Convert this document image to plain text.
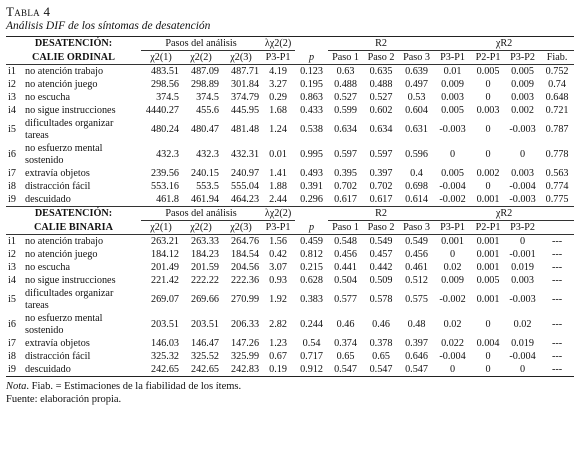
Tabla 4
Análisis DIF de los síntomas de desatención
DESATENCIÓN:		Pasos del análisis			λχ2(2)		R2			χR2			
CALIE ORDINAL		χ2(1)	χ2(2)	χ2(3)	P3-P1	p	Paso 1	Paso 2	Paso 3	P3-P1	P2-P1	P3-P2	Fiab.
i1	no atención trabajo	483.51	487.09	487.71	4.19	0.123	0.63	0.635	0.639	0.01	0.005	0.005	0.752
i2	no atención juego	298.56	298.89	301.84	3.27	0.195	0.488	0.488	0.497	0.009	0	0.009	0.74
i3	no escucha	374.5	374.5	374.79	0.29	0.863	0.527	0.527	0.53	0.003	0	0.003	0.648
i4	no sigue instrucciones	4440.27	455.6	445.95	1.68	0.433	0.599	0.602	0.604	0.005	0.003	0.002	0.721
i5	dificultades organizar tareas	480.24	480.47	481.48	1.24	0.538	0.634	0.634	0.631	-0.003	0	-0.003	0.787
i6	no esfuerzo mental sostenido	432.3	432.3	432.31	0.01	0.995	0.597	0.597	0.596	0	0	0	0.778
i7	extravía objetos	239.56	240.15	240.97	1.41	0.493	0.395	0.397	0.4	0.005	0.002	0.003	0.563
i8	distracción fácil	553.16	553.5	555.04	1.88	0.391	0.702	0.702	0.698	-0.004	0	-0.004	0.774
i9	descuidado	461.8	461.94	464.23	2.44	0.296	0.617	0.617	0.614	-0.002	0.001	-0.003	0.775
DESATENCIÓN:		Pasos del análisis			λχ2(2)		R2			χR2			
CALIE BINARIA		χ2(1)	χ2(2)	χ2(3)	P3-P1	p	Paso 1	Paso 2	Paso 3	P3-P1	P2-P1	P3-P2	
i1	no atención trabajo	263.21	263.33	264.76	1.56	0.459	0.548	0.549	0.549	0.001	0.001	0	---
i2	no atención juego	184.12	184.23	184.54	0.42	0.812	0.456	0.457	0.456	0	0.001	-0.001	---
i3	no escucha	201.49	201.59	204.56	3.07	0.215	0.441	0.442	0.461	0.02	0.001	0.019	---
i4	no sigue instrucciones	221.42	222.22	222.36	0.93	0.628	0.504	0.509	0.512	0.009	0.005	0.003	---
i5	dificultades organizar tareas	269.07	269.66	270.99	1.92	0.383	0.577	0.578	0.575	-0.002	0.001	-0.003	---
i6	no esfuerzo mental sostenido	203.51	203.51	206.33	2.82	0.244	0.46	0.46	0.48	0.02	0	0.02	---
i7	extravía objetos	146.03	146.47	147.26	1.23	0.54	0.374	0.378	0.397	0.022	0.004	0.019	---
i8	distracción fácil	325.32	325.52	325.99	0.67	0.717	0.65	0.65	0.646	-0.004	0	-0.004	---
i9	descuidado	242.65	242.65	242.83	0.19	0.912	0.547	0.547	0.547	0	0	0	---
Nota. Fiab. = Estimaciones de la fiabilidad de los ítems.
Fuente: elaboración propia.
